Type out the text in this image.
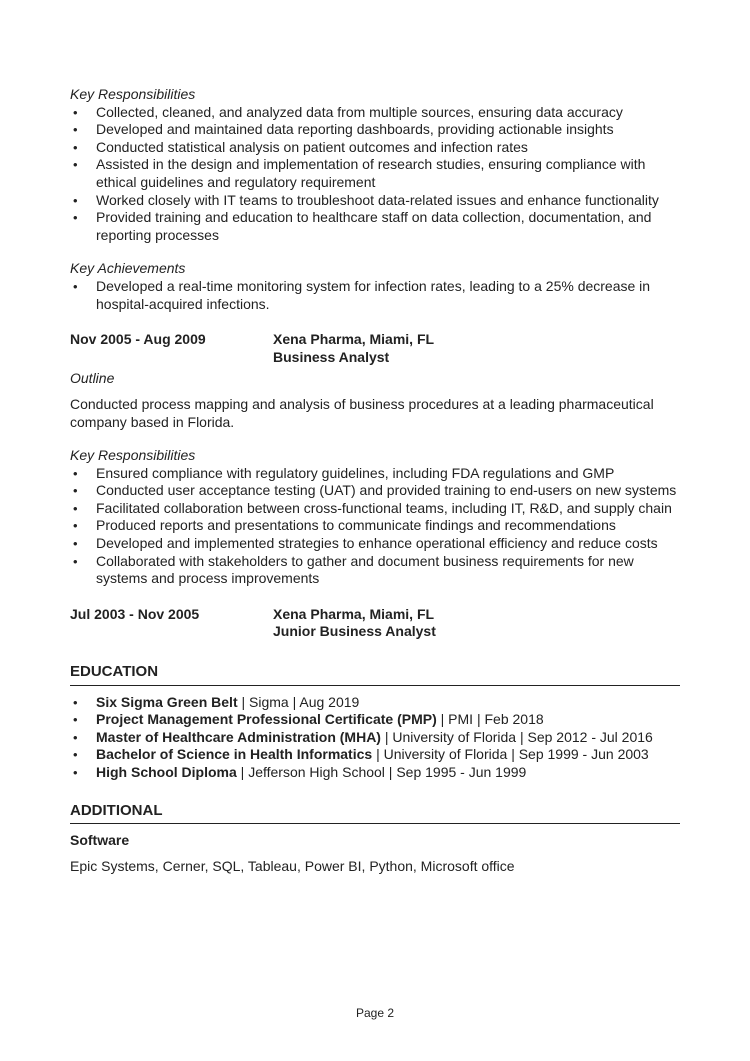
Key Responsibilities
• Collected, cleaned, and analyzed data from multiple sources, ensuring data accuracy
• Developed and maintained data reporting dashboards, providing actionable insights
• Conducted statistical analysis on patient outcomes and infection rates
• Assisted in the design and implementation of research studies, ensuring compliance with ethical guidelines and regulatory requirement
• Worked closely with IT teams to troubleshoot data-related issues and enhance functionality
• Provided training and education to healthcare staff on data collection, documentation, and reporting processes
Key Achievements
• Developed a real-time monitoring system for infection rates, leading to a 25% decrease in hospital-acquired infections.
Nov 2005 - Aug 2009	Xena Pharma, Miami, FL
Business Analyst
Outline

Conducted process mapping and analysis of business procedures at a leading pharmaceutical company based in Florida.

Key Responsibilities
• Ensured compliance with regulatory guidelines, including FDA regulations and GMP
• Conducted user acceptance testing (UAT) and provided training to end-users on new systems
• Facilitated collaboration between cross-functional teams, including IT, R&D, and supply chain
• Produced reports and presentations to communicate findings and recommendations
• Developed and implemented strategies to enhance operational efficiency and reduce costs
• Collaborated with stakeholders to gather and document business requirements for new systems and process improvements
Jul 2003 - Nov 2005	Xena Pharma, Miami, FL
Junior Business Analyst
EDUCATION
• Six Sigma Green Belt | Sigma | Aug 2019
• Project Management Professional Certificate (PMP) | PMI | Feb 2018
• Master of Healthcare Administration (MHA) | University of Florida | Sep 2012 - Jul 2016
• Bachelor of Science in Health Informatics | University of Florida | Sep 1999 - Jun 2003
• High School Diploma | Jefferson High School | Sep 1995 - Jun 1999
ADDITIONAL
Software
Epic Systems, Cerner, SQL, Tableau, Power BI, Python, Microsoft office
Page 2
